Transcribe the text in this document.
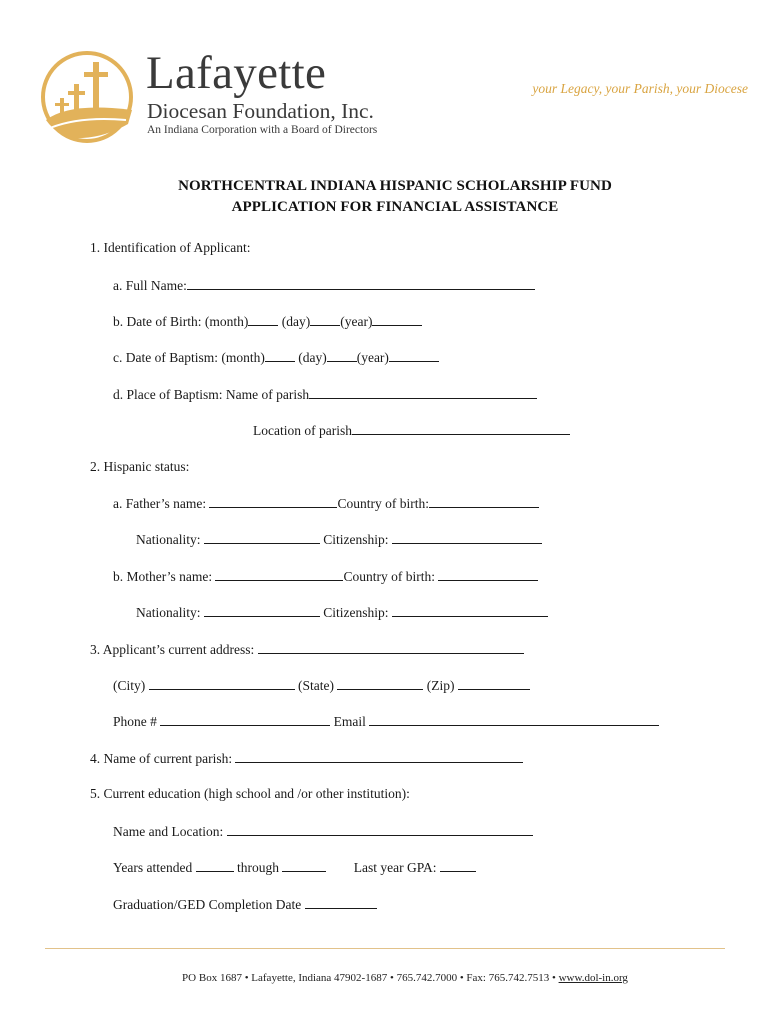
Lafayette
Diocesan Foundation, Inc.
An Indiana Corporation with a Board of Directors
your Legacy, your Parish, your Diocese
NORTHCENTRAL INDIANA HISPANIC SCHOLARSHIP FUND
APPLICATION FOR FINANCIAL ASSISTANCE
1. Identification of Applicant:
a. Full Name:
b. Date of Birth: (month) (day) (year)
c. Date of Baptism: (month) (day) (year)
d. Place of Baptism: Name of parish
Location of parish
2. Hispanic status:
a. Father’s name:	Country of birth:
Nationality:	Citizenship:
b. Mother’s name:	Country of birth:
Nationality:	Citizenship:
3. Applicant’s current address:
(City)	(State)	(Zip)
Phone #	Email
4. Name of current parish:
5. Current education (high school and /or other institution):
Name and Location:
Years attended	through	Last year GPA:
Graduation/GED Completion Date
PO Box 1687 • Lafayette, Indiana 47902-1687 • 765.742.7000 • Fax: 765.742.7513 • www.dol-in.org
